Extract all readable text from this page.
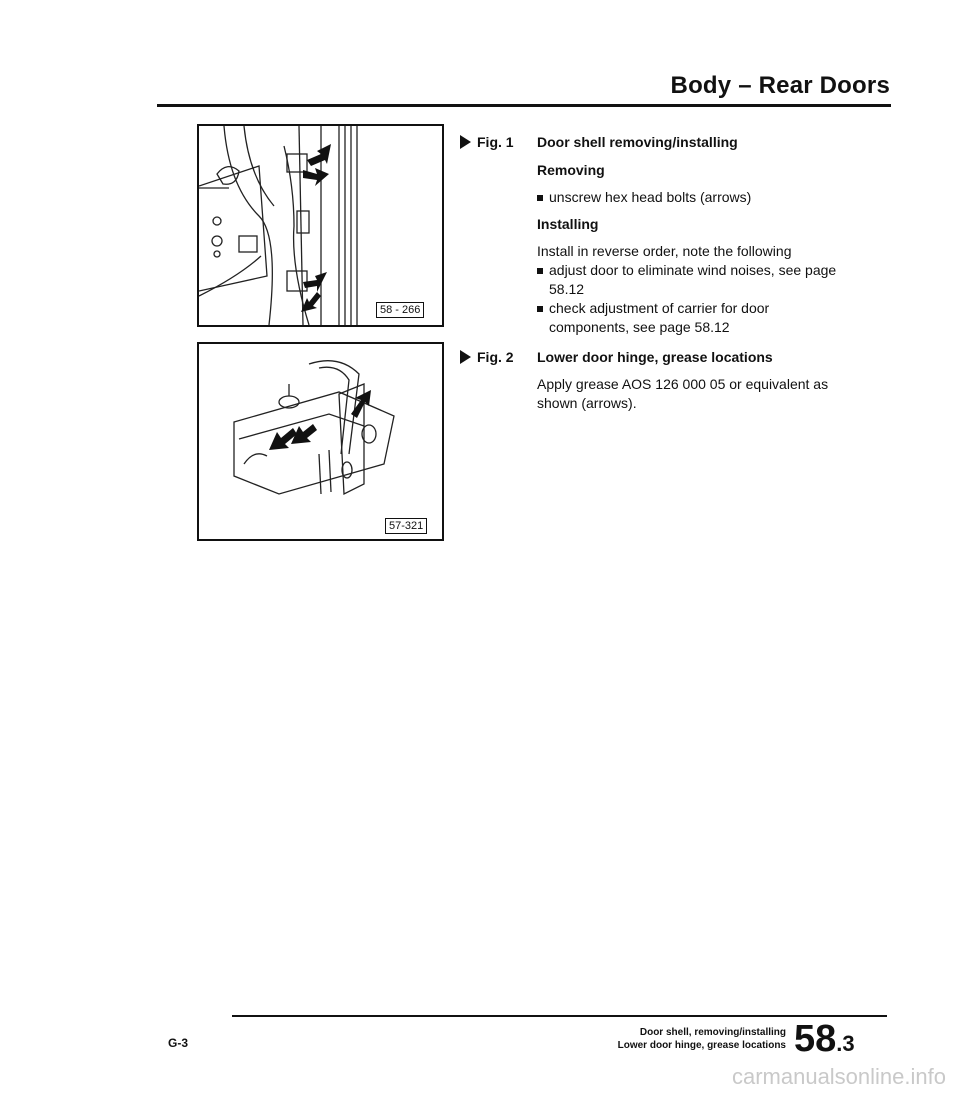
Body – Rear Doors
58 - 266
Fig. 1 Door shell removing/installing

Removing

unscrew hex head bolts (arrows)

Installing

Install in reverse order, note the following

adjust door to eliminate wind noises, see page 58.12
check adjustment of carrier for door components, see page 58.12
57-321
Fig. 2 Lower door hinge, grease locations

Apply grease AOS 126 000 05 or equivalent as shown (arrows).

G-3
Door shell, removing/installing
Lower door hinge, grease locations 58 .3
carmanualsonline.info
